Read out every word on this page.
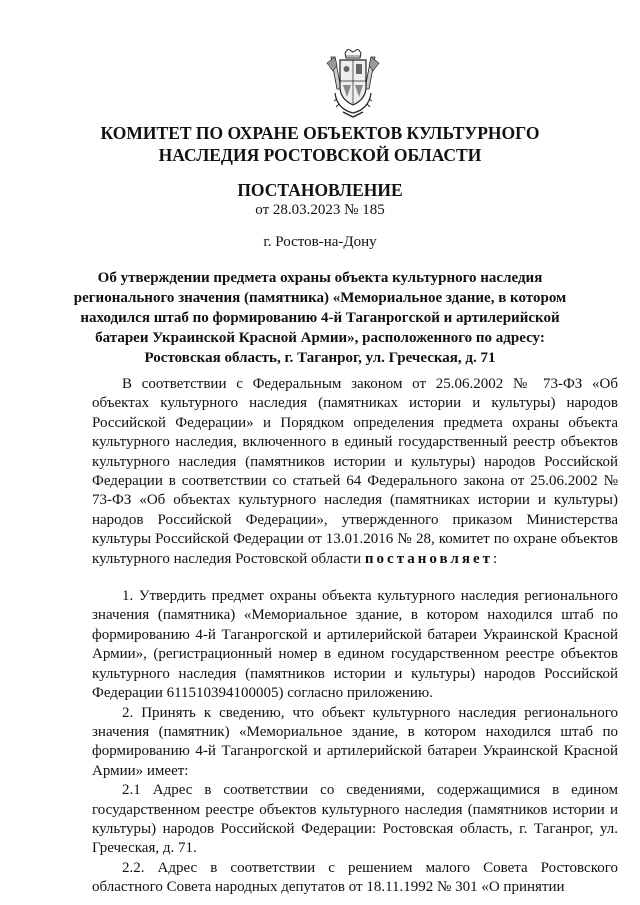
КОМИТЕТ ПО ОХРАНЕ ОБЪЕКТОВ КУЛЬТУРНОГО
НАСЛЕДИЯ РОСТОВСКОЙ ОБЛАСТИ
ПОСТАНОВЛЕНИЕ
от 28.03.2023 № 185
г. Ростов-на-Дону
Об утверждении предмета охраны объекта культурного наследия регионального значения (памятника) «Мемориальное здание, в котором находился штаб по формированию 4-й Таганрогской и артилерийской батареи Украинской Красной Армии», расположенного по адресу: Ростовская область, г. Таганрог, ул. Греческая, д. 71

В соответствии с Федеральным законом от 25.06.2002 № 73-ФЗ «Об объектах культурного наследия (памятниках истории и культуры) народов Российской Федерации» и Порядком определения предмета охраны объекта культурного наследия, включенного в единый государственный реестр объектов культурного наследия (памятников истории и культуры) народов Российской Федерации в соответствии со статьей 64 Федерального закона от 25.06.2002 № 73-ФЗ «Об объектах культурного наследия (памятниках истории и культуры) народов Российской Федерации», утвержденного приказом Министерства культуры Российской Федерации от 13.01.2016 № 28, комитет по охране объектов культурного наследия Ростовской области постановляет:

1. Утвердить предмет охраны объекта культурного наследия регионального значения (памятника) «Мемориальное здание, в котором находился штаб по формированию 4-й Таганрогской и артилерийской батареи Украинской Красной Армии», (регистрационный номер в едином государственном реестре объектов культурного наследия (памятников истории и культуры) народов Российской Федерации 611510394100005) согласно приложению.

2. Принять к сведению, что объект культурного наследия регионального значения (памятник) «Мемориальное здание, в котором находился штаб по формированию 4-й Таганрогской и артилерийской батареи Украинской Красной Армии» имеет:

2.1 Адрес в соответствии со сведениями, содержащимися в едином государственном реестре объектов культурного наследия (памятников истории и культуры) народов Российской Федерации: Ростовская область, г. Таганрог, ул. Греческая, д. 71.

2.2. Адрес в соответствии с решением малого Совета Ростовского областного Совета народных депутатов от 18.11.1992 № 301 «О принятии
